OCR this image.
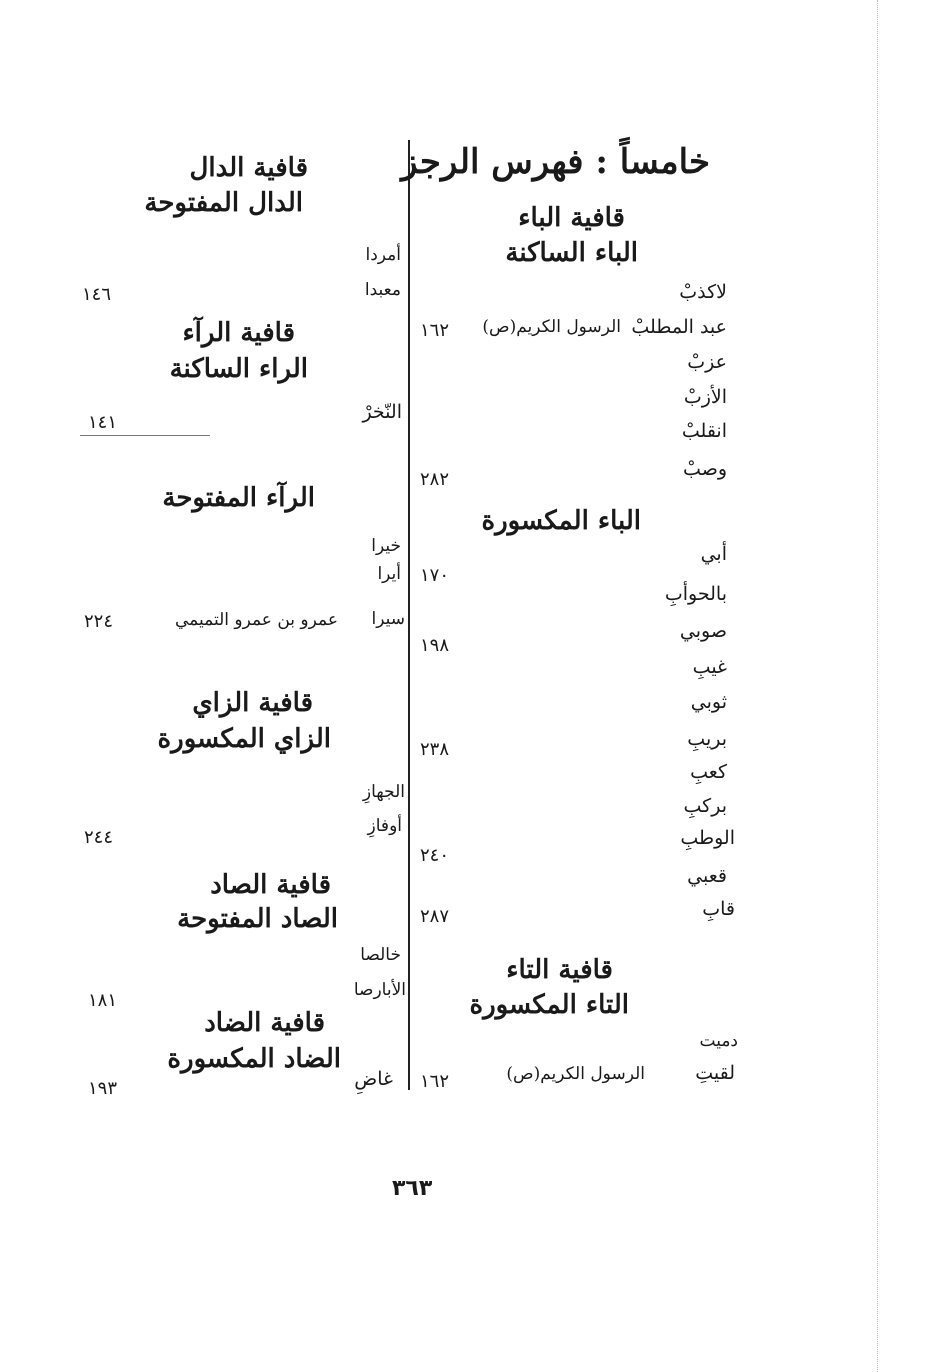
خامساً : فهرس الرجز
قافية الباء
الباء الساكنة
لاكذبْ
عبد المطلبْ
الرسول الكريم(ص)
١٦٢
عزبْ
الأزبْ
انقلبْ
وصبْ
٢٨٢
الباء المكسورة
أبي
بالحوأبِ
١٧٠
صوبي
غيبِ
١٩٨
ثوبي
بريبِ
٢٣٨
كعبِ
بركبِ
الوطبِ
قعبي
٢٤٠
قابِ
٢٨٧
قافية التاء
التاء المكسورة
دميت
لقيتِ
الرسول الكريم(ص)
١٦٢
قافية الدال
الدال المفتوحة
أمردا
معبدا
١٤٦
قافية الرآء
الراء الساكنة
النّخرْ
١٤١
الرآء المفتوحة
خيرا
أيرا
سيرا
عمرو بن عمرو التميمي
٢٢٤
قافية الزاي
الزاي المكسورة
الجهازِ
أوفازِ
٢٤٤
قافية الصاد
الصاد المفتوحة
خالصا
الأبارصا
١٨١
قافية الضاد
الضاد المكسورة
غاضِ
١٩٣
٣٦٣
